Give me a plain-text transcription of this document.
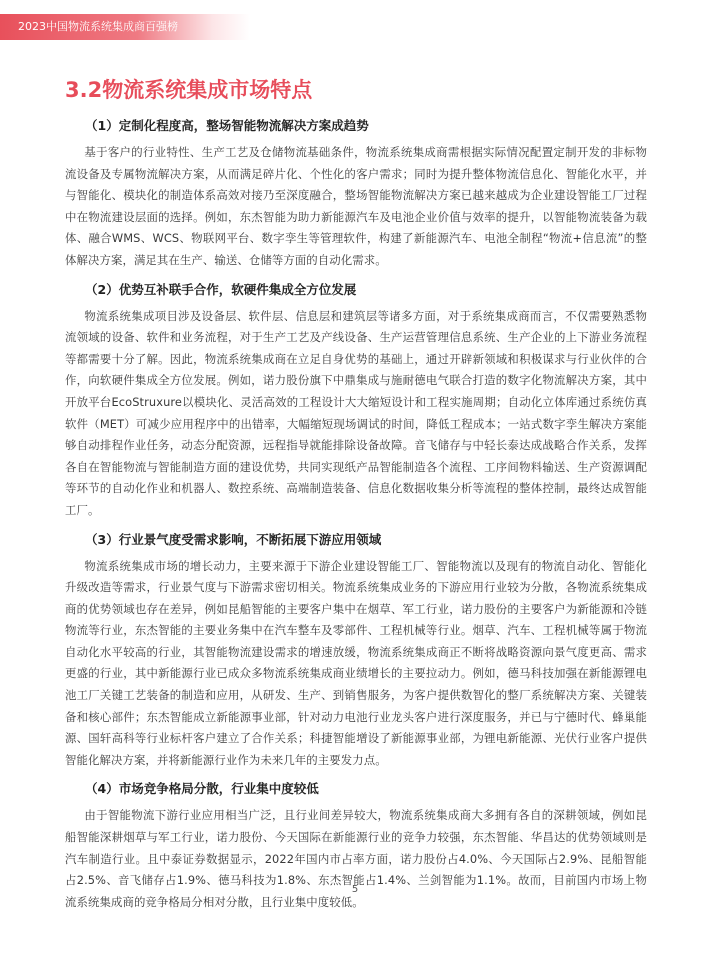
2023中国物流系统集成商百强榜
3.2物流系统集成市场特点
（1）定制化程度高，整场智能物流解决方案成趋势

基于客户的行业特性、生产工艺及仓储物流基础条件，物流系统集成商需根据实际情况配置定制开发的非标物流设备及专属物流解决方案，从而满足碎片化、个性化的客户需求；同时为提升整体物流信息化、智能化水平，并与智能化、模块化的制造体系高效对接乃至深度融合，整场智能物流解决方案已越来越成为企业建设智能工厂过程中在物流建设层面的选择。例如，东杰智能为助力新能源汽车及电池企业价值与效率的提升，以智能物流装备为载体、融合WMS、WCS、物联网平台、数字孪生等管理软件，构建了新能源汽车、电池全制程“物流+信息流”的整体解决方案，满足其在生产、输送、仓储等方面的自动化需求。

（2）优势互补联手合作，软硬件集成全方位发展

物流系统集成项目涉及设备层、软件层、信息层和建筑层等诸多方面，对于系统集成商而言，不仅需要熟悉物流领域的设备、软件和业务流程，对于生产工艺及产线设备、生产运营管理信息系统、生产企业的上下游业务流程等都需要十分了解。因此，物流系统集成商在立足自身优势的基础上，通过开辟新领域和积极谋求与行业伙伴的合作，向软硬件集成全方位发展。例如，诺力股份旗下中鼎集成与施耐德电气联合打造的数字化物流解决方案，其中开放平台EcoStruxure以模块化、灵活高效的工程设计大大缩短设计和工程实施周期；自动化立体库通过系统仿真软件（MET）可减少应用程序中的出错率，大幅缩短现场调试的时间，降低工程成本；一站式数字孪生解决方案能够自动排程作业任务，动态分配资源，远程指导就能排除设备故障。音飞储存与中轻长泰达成战略合作关系，发挥各自在智能物流与智能制造方面的建设优势，共同实现纸产品智能制造各个流程、工序间物料输送、生产资源调配等环节的自动化作业和机器人、数控系统、高端制造装备、信息化数据收集分析等流程的整体控制，最终达成智能工厂。

（3）行业景气度受需求影响，不断拓展下游应用领域

物流系统集成市场的增长动力，主要来源于下游企业建设智能工厂、智能物流以及现有的物流自动化、智能化升级改造等需求，行业景气度与下游需求密切相关。物流系统集成业务的下游应用行业较为分散，各物流系统集成商的优势领域也存在差异，例如昆船智能的主要客户集中在烟草、军工行业，诺力股份的主要客户为新能源和冷链物流等行业，东杰智能的主要业务集中在汽车整车及零部件、工程机械等行业。烟草、汽车、工程机械等属于物流自动化水平较高的行业，其智能物流建设需求的增速放缓，物流系统集成商正不断将战略资源向景气度更高、需求更盛的行业，其中新能源行业已成众多物流系统集成商业绩增长的主要拉动力。例如，德马科技加强在新能源锂电池工厂关键工艺装备的制造和应用，从研发、生产、到销售服务，为客户提供数智化的整厂系统解决方案、关键装备和核心部件；东杰智能成立新能源事业部，针对动力电池行业龙头客户进行深度服务，并已与宁德时代、蜂巢能源、国轩高科等行业标杆客户建立了合作关系；科捷智能增设了新能源事业部，为锂电新能源、光伏行业客户提供智能化解决方案，并将新能源行业作为未来几年的主要发力点。

（4）市场竞争格局分散，行业集中度较低

由于智能物流下游行业应用相当广泛，且行业间差异较大，物流系统集成商大多拥有各自的深耕领域，例如昆船智能深耕烟草与军工行业，诺力股份、今天国际在新能源行业的竞争力较强，东杰智能、华昌达的优势领域则是汽车制造行业。且中泰证券数据显示，2022年国内市占率方面，诺力股份占4.0%、今天国际占2.9%、昆船智能占2.5%、音飞储存占1.9%、德马科技为1.8%、东杰智能占1.4%、兰剑智能为1.1%。故而，目前国内市场上物流系统集成商的竞争格局分相对分散，且行业集中度较低。

5
